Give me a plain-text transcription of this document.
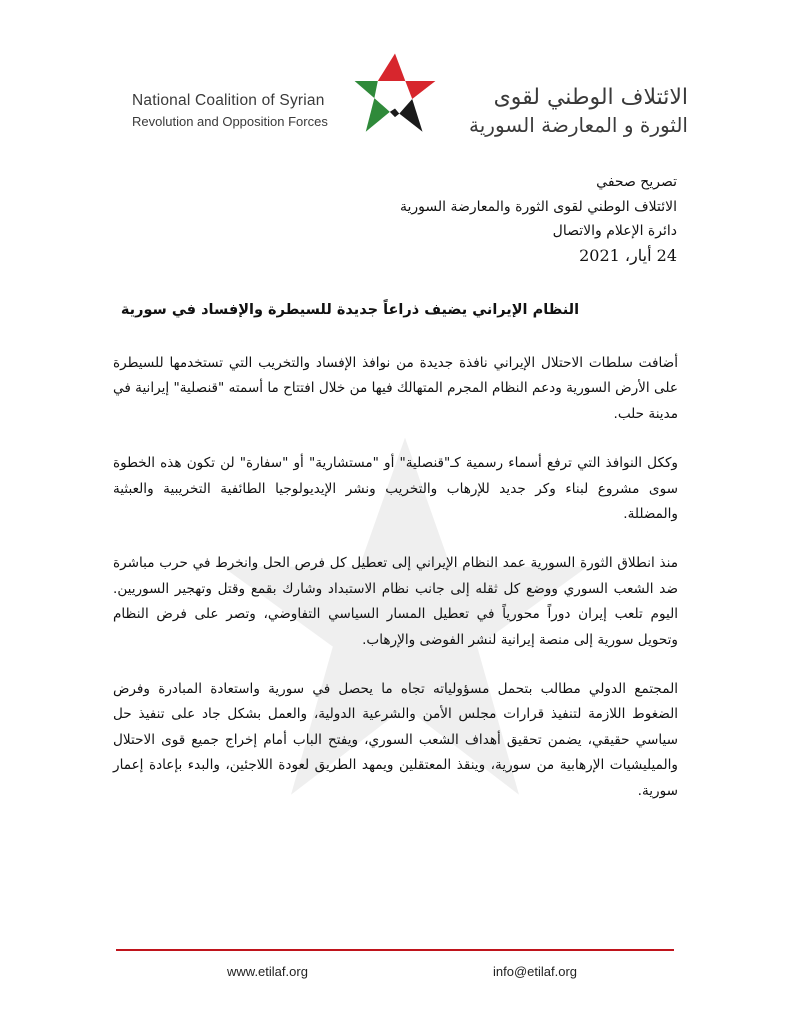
National Coalition of Syrian
Revolution and Opposition Forces
الائتلاف الوطني لقوى
الثورة و المعارضة السورية
تصريح صحفي
الائتلاف الوطني لقوى الثورة والمعارضة السورية
دائرة الإعلام والاتصال
24 أيار، 2021
النظام الإيراني يضيف ذراعاً جديدة للسيطرة والإفساد في سورية

أضافت سلطات الاحتلال الإيراني نافذة جديدة من نوافذ الإفساد والتخريب التي تستخدمها للسيطرة على الأرض السورية ودعم النظام المجرم المتهالك فيها من خلال افتتاح ما أسمته "قنصلية" إيرانية في مدينة حلب.

وككل النوافذ التي ترفع أسماء رسمية كـ"قنصلية" أو "مستشارية" أو "سفارة" لن تكون هذه الخطوة سوى مشروع لبناء وكر جديد للإرهاب والتخريب ونشر الإيديولوجيا الطائفية التخريبية والعبثية والمضللة.

منذ انطلاق الثورة السورية عمد النظام الإيراني إلى تعطيل كل فرص الحل وانخرط في حرب مباشرة ضد الشعب السوري ووضع كل ثقله إلى جانب نظام الاستبداد وشارك بقمع وقتل وتهجير السوريين. اليوم تلعب إيران دوراً محورياً في تعطيل المسار السياسي التفاوضي، وتصر على فرض النظام وتحويل سورية إلى منصة إيرانية لنشر الفوضى والإرهاب.

المجتمع الدولي مطالب بتحمل مسؤولياته تجاه ما يحصل في سورية واستعادة المبادرة وفرض الضغوط اللازمة لتنفيذ قرارات مجلس الأمن والشرعية الدولية، والعمل بشكل جاد على تنفيذ حل سياسي حقيقي، يضمن تحقيق أهداف الشعب السوري، ويفتح الباب أمام إخراج جميع قوى الاحتلال والميليشيات الإرهابية من سورية، وينقذ المعتقلين ويمهد الطريق لعودة اللاجئين، والبدء بإعادة إعمار سورية.

www.etilaf.org	info@etilaf.org
